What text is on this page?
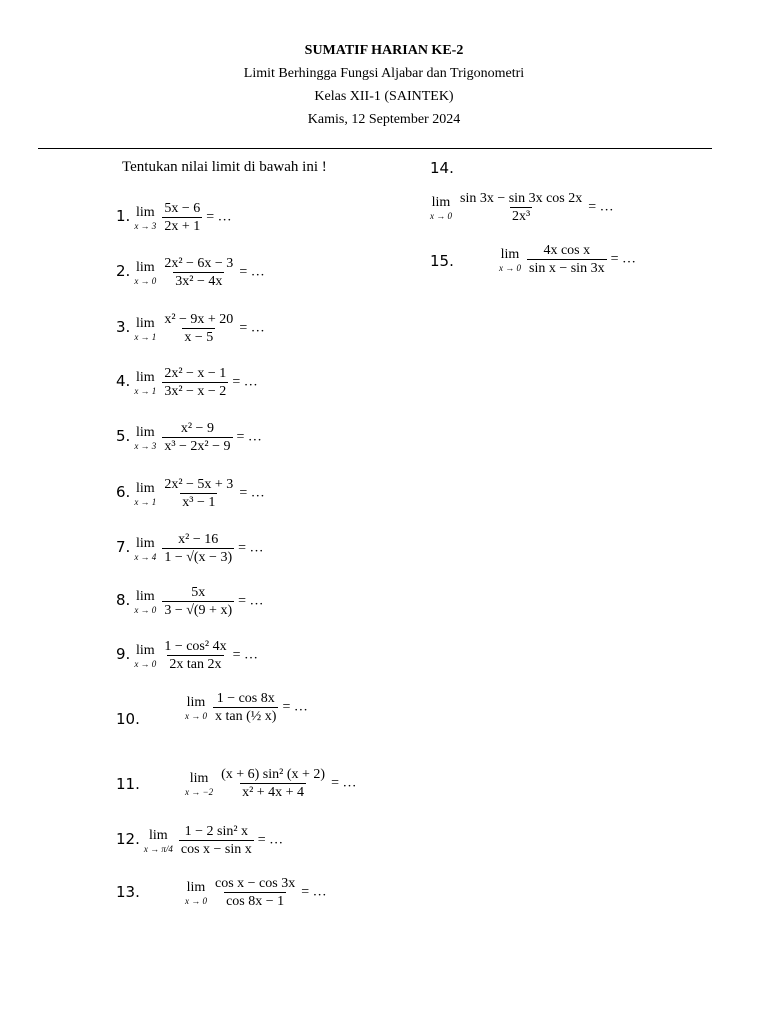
SUMATIF HARIAN KE-2
Limit Berhingga Fungsi Aljabar dan Trigonometri
Kelas XII-1 (SAINTEK)
Kamis, 12 September 2024
Tentukan nilai limit di bawah ini !
1. lim
x → 3
$\frac{5x - 6}{2x + 1}$ = …
2. lim
x → 0
$\frac{\text{2x² − 6x − 3}}{\text{3x² − 4x}}$ = …
3. lim
x → 1
$\frac{\text{x² − 9x + 20}}{x - 5}$ = …
4. lim
x → 1
$\frac{\text{2x² − x − 1}}{\text{3x² − x − 2}}$ = …
5. lim
x → 3
$\frac{\text{x² − 9}}{\text{x³ − 2x² − 9}}$ = …
6. lim
x → 1
$\frac{\text{2x² − 5x + 3}}{\text{x³ − 1}}$ = …
7. lim
x → 4
$\frac{\text{x² − 16}}{1 - √(x - 3)}$ = …
8. lim
x → 0
$\frac{5x}{3 - √(9 + x)}$ = …
9. lim
x → 0
$\frac{\text{1 − cos² 4x}}{\text{2x tan 2x}}$ = …
10.
lim
x → 0
$\frac{1 - \cos 8x}{\text{x tan (½ x)}}$ = …
11.	lim
x → −2
$\frac{\text{(x + 6) sin² (x + 2)}}{\text{x² + 4x + 4}}$ = …
12. lim
x → π/4
$\frac{\text{1 − 2 sin² x}}{\text{cos x − sin x}}$ = …
13.	lim
x → 0
$\frac{\text{cos x − cos 3x}}{\cos 8x - 1}$ = …
14.
lim
x → 0
$\frac{\text{sin 3x − sin 3x cos 2x}}{\text{2x³}}$ = …
15.	lim
x → 0
$\frac{\text{4x cos x}}{\text{sin x − sin 3x}}$ = …
